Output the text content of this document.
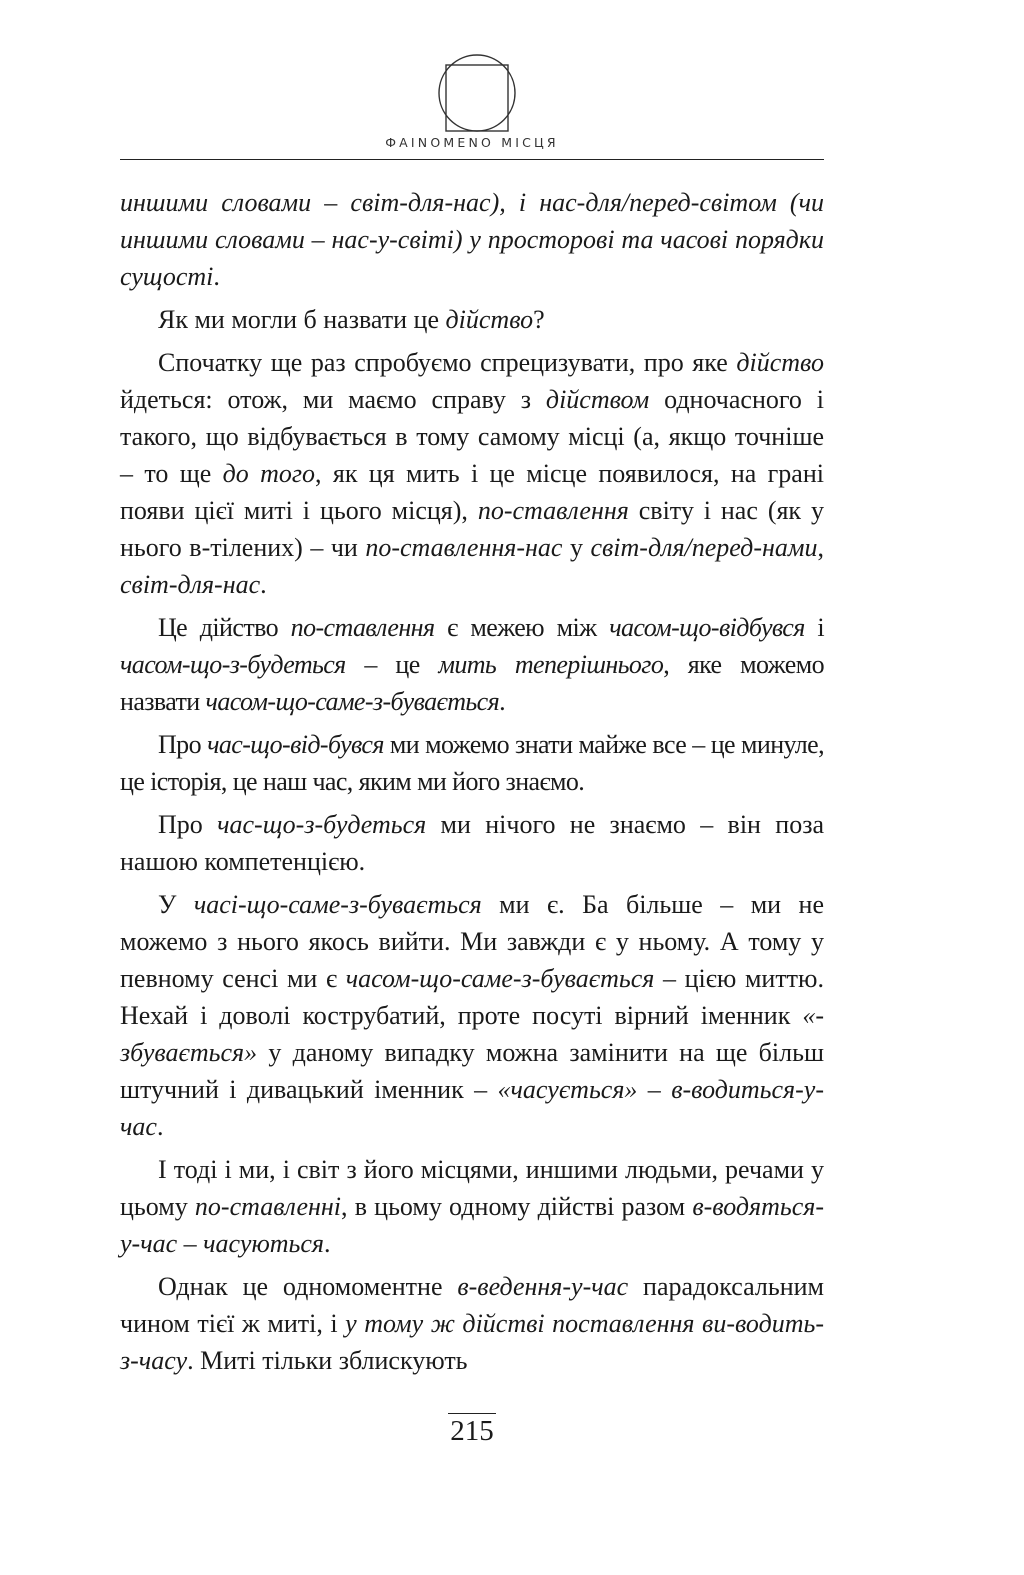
ФAINOMENO МІСЦЯ

иншими словами – світ-для-нас), і нас-для/перед-світом (чи иншими словами – нас-у-світі) у просторові та часові порядки сущості.

Як ми могли б назвати це дійство?

Спочатку ще раз спробуємо спрецизувати, про яке дійство йдеться: отож, ми маємо справу з дійством одночасного і такого, що відбувається в тому самому місці (а, якщо точніше – то ще до того, як ця мить і це місце появилося, на грані появи цієї миті і цього місця), по-ставлення світу і нас (як у нього в-тілених) – чи по-ставлення-нас у світ-для/перед-нами, світ-для-нас.

Це дійство по-ставлення є межею між часом-що-відбувся і часом-що-з-будеться – це мить теперішнього, яке можемо назвати часом-що-саме-з-бувається.

Про час-що-від-бувся ми можемо знати майже все – це минуле, це історія, це наш час, яким ми його знаємо.

Про час-що-з-будеться ми нічого не знаємо – він поза нашою компетенцією.

У часі-що-саме-з-бувається ми є. Ба більше – ми не можемо з нього якось вийти. Ми завжди є у ньому. А тому у певному сенсі ми є часом-що-саме-з-бувається – цією миттю. Нехай і доволі кострубатий, проте посуті вірний іменник «-збувається» у даному випадку можна замінити на ще більш штучний і дивацький іменник – «часується» – в-водиться-у-час.

І тоді і ми, і світ з його місцями, иншими людьми, речами у цьому по-ставленні, в цьому одному дійстві разом в-водяться-у-час – часуються.

Однак це одномоментне в-ведення-у-час парадоксальним чином тієї ж миті, і у тому ж дійстві поставлення ви-водить-з-часу. Миті тільки зблискують

215
